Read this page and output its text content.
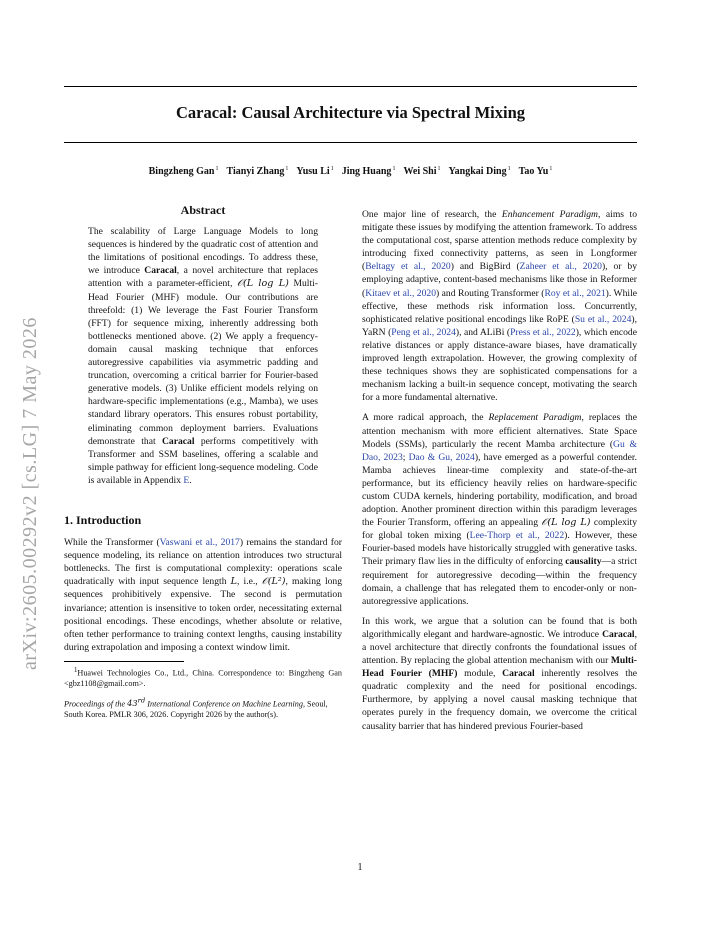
Caracal: Causal Architecture via Spectral Mixing

Bingzheng Gan$^1$ Tianyi Zhang$^1$ Yusu Li$^1$ Jing Huang$^1$ Wei Shi$^1$ Yangkai Ding$^1$ Tao Yu$^1$

arXiv:2605.00292v2 [cs.LG] 7 May 2026
Abstract

The scalability of Large Language Models to long sequences is hindered by the quadratic cost of attention and the limitations of positional encodings. To address these, we introduce Caracal, a novel architecture that replaces attention with a parameter-efficient, 𝒪(L log L) Multi-Head Fourier (MHF) module. Our contributions are threefold: (1) We leverage the Fast Fourier Transform (FFT) for sequence mixing, inherently addressing both bottlenecks mentioned above. (2) We apply a frequency-domain causal masking technique that enforces autoregressive capabilities via asymmetric padding and truncation, overcoming a critical barrier for Fourier-based generative models. (3) Unlike efficient models relying on hardware-specific implementations (e.g., Mamba), we uses standard library operators. This ensures robust portability, eliminating common deployment barriers. Evaluations demonstrate that Caracal performs competitively with Transformer and SSM baselines, offering a scalable and simple pathway for efficient long-sequence modeling. Code is available in Appendix E.

1. Introduction

While the Transformer (Vaswani et al., 2017) remains the standard for sequence modeling, its reliance on attention introduces two structural bottlenecks. The first is computational complexity: operations scale quadratically with input sequence length L, i.e., 𝒪(L²), making long sequences prohibitively expensive. The second is permutation invariance; attention is insensitive to token order, necessitating external positional encodings. These encodings, whether absolute or relative, often tether performance to training context lengths, causing instability during extrapolation and imposing a context window limit.

$^1$Huawei Technologies Co., Ltd., China. Correspondence to: Bingzheng Gan <gbz1108@gmail.com>.

Proceedings of the 43rd International Conference on Machine Learning, Seoul, South Korea. PMLR 306, 2026. Copyright 2026 by the author(s).

One major line of research, the Enhancement Paradigm, aims to mitigate these issues by modifying the attention framework. To address the computational cost, sparse attention methods reduce complexity by introducing fixed connectivity patterns, as seen in Longformer (Beltagy et al., 2020) and BigBird (Zaheer et al., 2020), or by employing adaptive, content-based mechanisms like those in Reformer (Kitaev et al., 2020) and Routing Transformer (Roy et al., 2021). While effective, these methods risk information loss. Concurrently, sophisticated relative positional encodings like RoPE (Su et al., 2024), YaRN (Peng et al., 2024), and ALiBi (Press et al., 2022), which encode relative distances or apply distance-aware biases, have dramatically improved length extrapolation. However, the growing complexity of these techniques shows they are sophisticated compensations for a mechanism lacking a built-in sequence concept, motivating the search for a more fundamental alternative.

A more radical approach, the Replacement Paradigm, replaces the attention mechanism with more efficient alternatives. State Space Models (SSMs), particularly the recent Mamba architecture (Gu & Dao, 2023; Dao & Gu, 2024), have emerged as a powerful contender. Mamba achieves linear-time complexity and state-of-the-art performance, but its efficiency heavily relies on hardware-specific custom CUDA kernels, hindering portability, modification, and broad adoption. Another prominent direction within this paradigm leverages the Fourier Transform, offering an appealing 𝒪(L log L) complexity for global token mixing (Lee-Thorp et al., 2022). However, these Fourier-based models have historically struggled with generative tasks. Their primary flaw lies in the difficulty of enforcing causality—a strict requirement for autoregressive decoding—within the frequency domain, a challenge that has relegated them to encoder-only or non-autoregressive applications.

In this work, we argue that a solution can be found that is both algorithmically elegant and hardware-agnostic. We introduce Caracal, a novel architecture that directly confronts the foundational issues of attention. By replacing the global attention mechanism with our Multi-Head Fourier (MHF) module, Caracal inherently resolves the quadratic complexity and the need for positional encodings. Furthermore, by applying a novel causal masking technique that operates purely in the frequency domain, we overcome the critical causality barrier that has hindered previous Fourier-based

1
